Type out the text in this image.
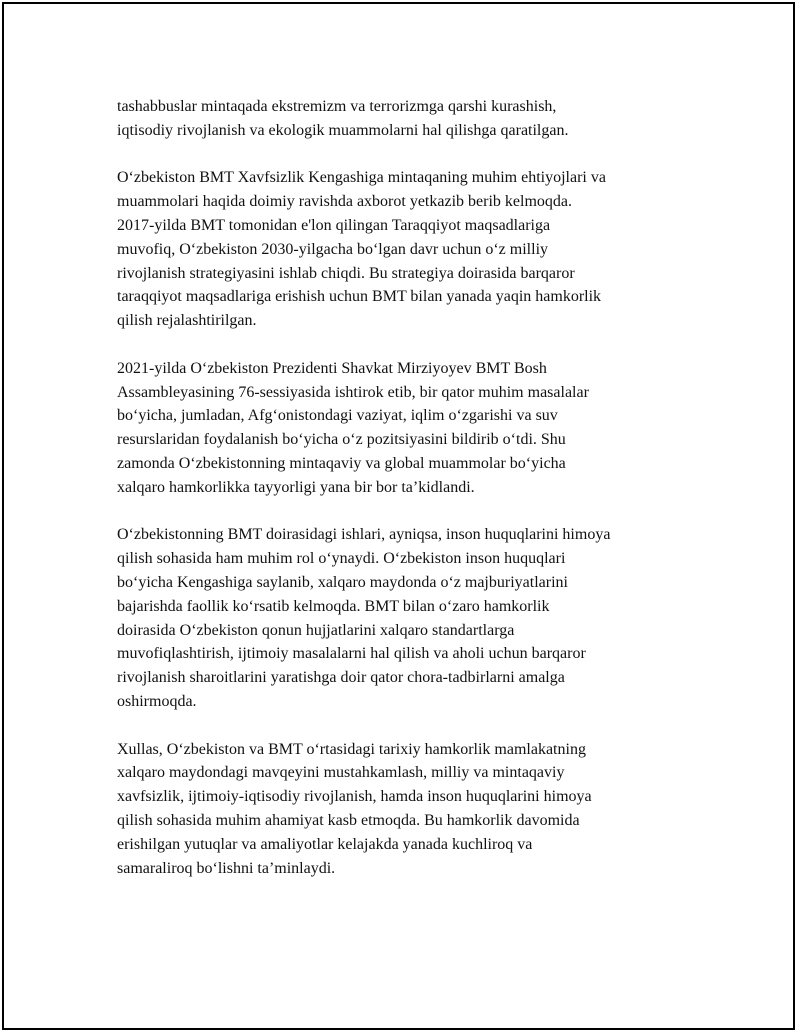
tashabbuslar mintaqada ekstremizm va terrorizmga qarshi kurashish,
iqtisodiy rivojlanish va ekologik muammolarni hal qilishga qaratilgan.

O‘zbekiston BMT Xavfsizlik Kengashiga mintaqaning muhim ehtiyojlari va
muammolari haqida doimiy ravishda axborot yetkazib berib kelmoqda.
2017-yilda BMT tomonidan e'lon qilingan Taraqqiyot maqsadlariga
muvofiq, O‘zbekiston 2030-yilgacha bo‘lgan davr uchun o‘z milliy
rivojlanish strategiyasini ishlab chiqdi. Bu strategiya doirasida barqaror
taraqqiyot maqsadlariga erishish uchun BMT bilan yanada yaqin hamkorlik
qilish rejalashtirilgan.

2021-yilda O‘zbekiston Prezidenti Shavkat Mirziyoyev BMT Bosh
Assambleyasining 76-sessiyasida ishtirok etib, bir qator muhim masalalar
bo‘yicha, jumladan, Afg‘onistondagi vaziyat, iqlim o‘zgarishi va suv
resurslaridan foydalanish bo‘yicha o‘z pozitsiyasini bildirib o‘tdi. Shu
zamonda O‘zbekistonning mintaqaviy va global muammolar bo‘yicha
xalqaro hamkorlikka tayyorligi yana bir bor ta’kidlandi.

O‘zbekistonning BMT doirasidagi ishlari, ayniqsa, inson huquqlarini himoya
qilish sohasida ham muhim rol o‘ynaydi. O‘zbekiston inson huquqlari
bo‘yicha Kengashiga saylanib, xalqaro maydonda o‘z majburiyatlarini
bajarishda faollik ko‘rsatib kelmoqda. BMT bilan o‘zaro hamkorlik
doirasida O‘zbekiston qonun hujjatlarini xalqaro standartlarga
muvofiqlashtirish, ijtimoiy masalalarni hal qilish va aholi uchun barqaror
rivojlanish sharoitlarini yaratishga doir qator chora-tadbirlarni amalga
oshirmoqda.

Xullas, O‘zbekiston va BMT o‘rtasidagi tarixiy hamkorlik mamlakatning
xalqaro maydondagi mavqeyini mustahkamlash, milliy va mintaqaviy
xavfsizlik, ijtimoiy-iqtisodiy rivojlanish, hamda inson huquqlarini himoya
qilish sohasida muhim ahamiyat kasb etmoqda. Bu hamkorlik davomida
erishilgan yutuqlar va amaliyotlar kelajakda yanada kuchliroq va
samaraliroq bo‘lishni ta’minlaydi.
